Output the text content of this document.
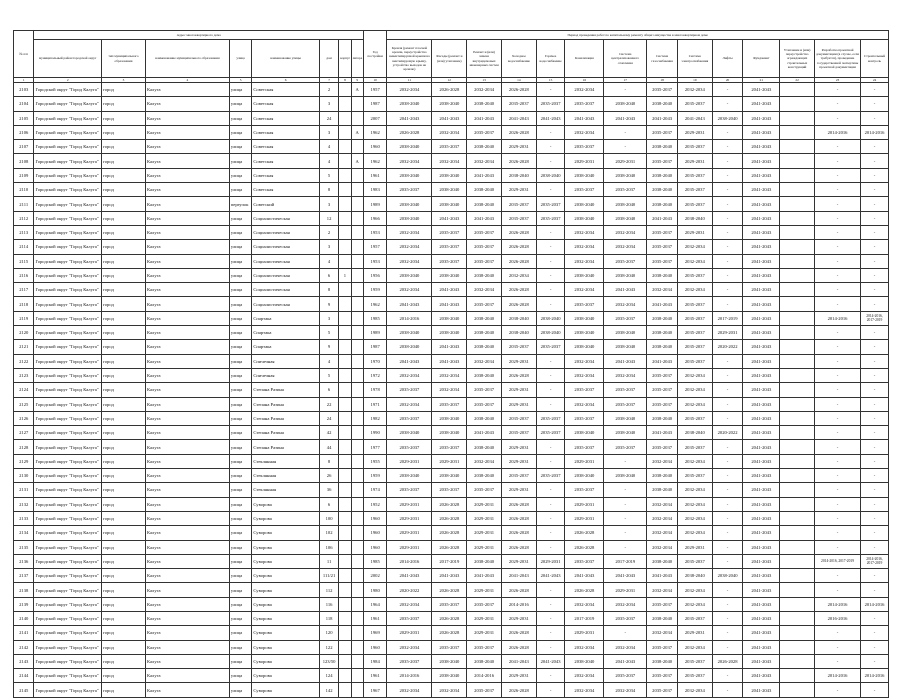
№ п/п	Адрес многоквартирного дома								Год постройки	Период проведения работ по капитальному ремонту общего имущества в многоквартирном доме													
	муниципальный район/городской округ	тип муниципального образования	наименование муниципального образования	улица	наименование улицы	дом	корпус	литера		Кровля (ремонт плоской кровли, переустройство невентилируемой крыши на вентилируемую крышу, устройство выходов на кровлю)	Фасады (ремонт и (или) утепление)	Ремонт и (или) замена внутридомовых инженерных систем	Холодное водоснабжение	Горячее водоснабжение	Канализация	Система централизованного отопления	Система газоснабжения	Система электроснабжения	Лифты	Фундамент	Утепление и (или) переустройство ограждающих строительных конструкций	Разработка проектной документации (в случае, если требуется), проведение государственной экспертизы проектной документации	Строительный контроль
1	2	3	4	5	6	7	8	9	10	11	12	13	14	15	16	17	18	19	20	21	22	23	24
2103	Городской округ "Город Калуга"	город	Калуга	улица	Советская	2		А	1957	2032-2034	2026-2028	2032-2034	2026-2028	-	2032-2034	-	2035-2037	2032-2034	-	2041-2043		-	-
2104	Городской округ "Город Калуга"	город	Калуга	улица	Советская	3			1987	2038-2040	2038-2040	2038-2040	2035-2037	2035-2037	2035-2037	2038-2040	2038-2040	2035-2037	-	2041-2043		-	-
2105	Городской округ "Город Калуга"	город	Калуга	улица	Советская	24			2007	2041-2043	2041-2043	2041-2043	2041-2043	2041-2043	2041-2043	2041-2043	2041-2043	2041-2043	2038-2040	2041-2043		-	-
2106	Городской округ "Город Калуга"	город	Калуга	улица	Советская	3		А	1962	2026-2028	2032-2034	2035-2037	2026-2028	-	2032-2034	-	2035-2037	2029-2031	-	2041-2043		2014-2016	2014-2016
2107	Городской округ "Город Калуга"	город	Калуга	улица	Советская	4			1960	2038-2040	2035-2037	2038-2040	2029-2031	-	2035-2037	-	2038-2040	2035-2037	-	2041-2043		-	-
2108	Городской округ "Город Калуга"	город	Калуга	улица	Советская	4		А	1962	2032-2034	2032-2034	2032-2034	2026-2028	-	2029-2031	2029-2031	2035-2037	2029-2031	-	2041-2043		-	-
2109	Городской округ "Город Калуга"	город	Калуга	улица	Советская	5			1961	2038-2040	2038-2040	2041-2043	2038-2040	2038-2040	2038-2040	2038-2040	2038-2040	2035-2037	-	2041-2043		-	-
2110	Городской округ "Город Калуга"	город	Калуга	улица	Советская	8			1983	2035-2037	2038-2040	2038-2040	2029-2031	-	2035-2037	2035-2037	2038-2040	2035-2037	-	2041-2043		-	-
2111	Городской округ "Город Калуга"	город	Калуга	переулок	Советский	3			1989	2038-2040	2038-2040	2038-2040	2035-2037	2035-2037	2038-2040	2038-2040	2038-2040	2035-2037	-	2041-2043		-	-
2112	Городской округ "Город Калуга"	город	Калуга	улица	Социалистическая	12			1966	2038-2040	2041-2043	2041-2043	2035-2037	2035-2037	2038-2040	2038-2040	2041-2043	2038-2040	-	2041-2043		-	-
2113	Городской округ "Город Калуга"	город	Калуга	улица	Социалистическая	2			1953	2032-2034	2035-2037	2035-2037	2026-2028	-	2032-2034	2032-2034	2035-2037	2029-2031	-	2041-2043		-	-
2114	Городской округ "Город Калуга"	город	Калуга	улица	Социалистическая	3			1957	2032-2034	2035-2037	2035-2037	2026-2028	-	2032-2034	2032-2034	2035-2037	2032-2034	-	2041-2043		-	-
2115	Городской округ "Город Калуга"	город	Калуга	улица	Социалистическая	4			1953	2032-2034	2035-2037	2035-2037	2026-2028	-	2032-2034	2035-2037	2035-2037	2032-2034	-	2041-2043		-	-
2116	Городской округ "Город Калуга"	город	Калуга	улица	Социалистическая	6	1		1956	2038-2040	2038-2040	2038-2040	2032-2034	-	2038-2040	2038-2040	2038-2040	2035-2037	-	2041-2043		-	-
2117	Городской округ "Город Калуга"	город	Калуга	улица	Социалистическая	8			1959	2032-2034	2041-2043	2032-2034	2026-2028	-	2032-2034	2041-2043	2032-2034	2032-2034	-	2041-2043		-	-
2118	Городской округ "Город Калуга"	город	Калуга	улица	Социалистическая	9			1962	2041-2043	2041-2043	2035-2037	2026-2028	-	2035-2037	2032-2034	2041-2043	2035-2037	-	2041-2043		-	-
2119	Городской округ "Город Калуга"	город	Калуга	улица	Спартака	3			1985	2014-2016	2038-2040	2038-2040	2038-2040	2038-2040	2038-2040	2035-2037	2038-2040	2035-2037	2017-2019	2041-2043		2014-2016	2014-2016, 2017-2019
2120	Городской округ "Город Калуга"	город	Калуга	улица	Спартака	5			1989	2038-2040	2038-2040	2038-2040	2038-2040	2038-2040	2038-2040	2038-2040	2038-2040	2035-2037	2029-2031	2041-2043		-	-
2121	Городской округ "Город Калуга"	город	Калуга	улица	Спартака	9			1987	2038-2040	2041-2043	2038-2040	2035-2037	2035-2037	2038-2040	2038-2040	2038-2040	2035-2037	2020-2022	2041-2043		-	-
2122	Городской округ "Город Калуга"	город	Калуга	улица	Спичечная	4			1970	2041-2043	2041-2043	2032-2034	2029-2031	-	2032-2034	2041-2043	2041-2043	2035-2037	-	2041-2043		-	-
2123	Городской округ "Город Калуга"	город	Калуга	улица	Спичечная	5			1972	2032-2034	2032-2034	2038-2040	2026-2028	-	2032-2034	2032-2034	2035-2037	2032-2034	-	2041-2043		-	-
2124	Городской округ "Город Калуга"	город	Калуга	улица	Степана Разина	6			1978	2035-2037	2032-2034	2035-2037	2029-2031	-	2035-2037	2035-2037	2035-2037	2032-2034	-	2041-2043		-	-
2125	Городской округ "Город Калуга"	город	Калуга	улица	Степана Разина	22			1971	2032-2034	2035-2037	2035-2037	2029-2031	-	2032-2034	2035-2037	2035-2037	2032-2034	-	2041-2043		-	-
2126	Городской округ "Город Калуга"	город	Калуга	улица	Степана Разина	24			1982	2035-2037	2038-2040	2038-2040	2035-2037	2035-2037	2035-2037	2038-2040	2038-2040	2035-2037	-	2041-2043		-	-
2127	Городской округ "Город Калуга"	город	Калуга	улица	Степана Разина	42			1990	2038-2040	2038-2040	2041-2043	2035-2037	2035-2037	2038-2040	2038-2040	2041-2043	2038-2040	2020-2022	2041-2043		-	-
2128	Городской округ "Город Калуга"	город	Калуга	улица	Степана Разина	44			1977	2035-2037	2035-2037	2038-2040	2029-2031	-	2035-2037	2035-2037	2035-2037	2035-2037	-	2041-2043		-	-
2129	Городской округ "Город Калуга"	город	Калуга	улица	Стеклянная	8			1955	2029-2031	2029-2031	2032-2034	2029-2031	-	2029-2031	-	2032-2034	2032-2034	-	2041-2043		-	-
2130	Городской округ "Город Калуга"	город	Калуга	улица	Стеклянная	26			1959	2038-2040	2038-2040	2038-2040	2035-2037	2035-2037	2038-2040	2038-2040	2038-2040	2035-2037	-	2041-2043		-	-
2131	Городской округ "Город Калуга"	город	Калуга	улица	Стеклянная	36			1974	2035-2037	2035-2037	2035-2037	2029-2031	-	2035-2037	-	2038-2040	2032-2034	-	2041-2043		-	-
2132	Городской округ "Город Калуга"	город	Калуга	улица	Суворова	6			1952	2029-2031	2026-2028	2029-2031	2026-2028	-	2029-2031	-	2032-2034	2032-2034	-	2041-2043		-	-
2133	Городской округ "Город Калуга"	город	Калуга	улица	Суворова	100			1960	2029-2031	2026-2028	2029-2031	2026-2028	-	2029-2031	-	2032-2034	2032-2034	-	2041-2043		-	-
2134	Городской округ "Город Калуга"	город	Калуга	улица	Суворова	102			1960	2029-2031	2026-2028	2029-2031	2026-2028	-	2026-2028	-	2032-2034	2032-2034	-	2041-2043		-	-
2135	Городской округ "Город Калуга"	город	Калуга	улица	Суворова	106			1960	2029-2031	2026-2028	2029-2031	2026-2028	-	2026-2028	-	2032-2034	2029-2031	-	2041-2043		-	-
2136	Городской округ "Город Калуга"	город	Калуга	улица	Суворова	11			1985	2014-2016	2017-2019	2038-2040	2029-2031	2029-2031	2035-2037	2017-2019	2038-2040	2035-2037	-	2041-2043		2014-2016, 2017-2019	2014-2016, 2017-2019
2137	Городской округ "Город Калуга"	город	Калуга	улица	Суворова	111/21			2002	2041-2043	2041-2043	2041-2043	2041-2043	2041-2043	2041-2043	2041-2043	2041-2043	2038-2040	2038-2040	2041-2043		-	-
2138	Городской округ "Город Калуга"	город	Калуга	улица	Суворова	112			1980	2020-2022	2026-2028	2029-2031	2026-2028	-	2026-2028	2029-2031	2032-2034	2032-2034	-	2041-2043		-	-
2139	Городской округ "Город Калуга"	город	Калуга	улица	Суворова	116			1964	2032-2034	2035-2037	2035-2037	2014-2016	-	2032-2034	2032-2034	2035-2037	2032-2034	-	2041-2043		2014-2016	2014-2016
2140	Городской округ "Город Калуга"	город	Калуга	улица	Суворова	118			1961	2035-2037	2026-2028	2029-2031	2029-2031	-	2017-2019	2035-2037	2038-2040	2035-2037	-	2041-2043		2016-2016	-
2141	Городской округ "Город Калуга"	город	Калуга	улица	Суворова	120			1969	2029-2031	2026-2028	2029-2031	2026-2028	-	2029-2031	-	2032-2034	2029-2031	-	2041-2043		-	-
2142	Городской округ "Город Калуга"	город	Калуга	улица	Суворова	122			1960	2032-2034	2035-2037	2035-2037	2026-2028	-	2032-2034	2032-2034	2035-2037	2032-2034	-	2041-2043		-	-
2143	Городской округ "Город Калуга"	город	Калуга	улица	Суворова	123/50			1984	2035-2037	2038-2040	2038-2040	2041-2043	2041-2043	2038-2040	2041-2043	2038-2040	2035-2037	2026-2028	2041-2043		-	-
2144	Городской округ "Город Калуга"	город	Калуга	улица	Суворова	124			1961	2014-2016	2038-2040	2014-2016	2029-2031	-	2032-2034	2035-2037	2035-2037	2035-2037	-	2041-2043		2014-2016	2014-2016
2145	Городской округ "Город Калуга"	город	Калуга	улица	Суворова	142			1967	2032-2034	2032-2034	2035-2037	2026-2028	-	2032-2034	2032-2034	2035-2037	2032-2034	-	2041-2043		-	-
